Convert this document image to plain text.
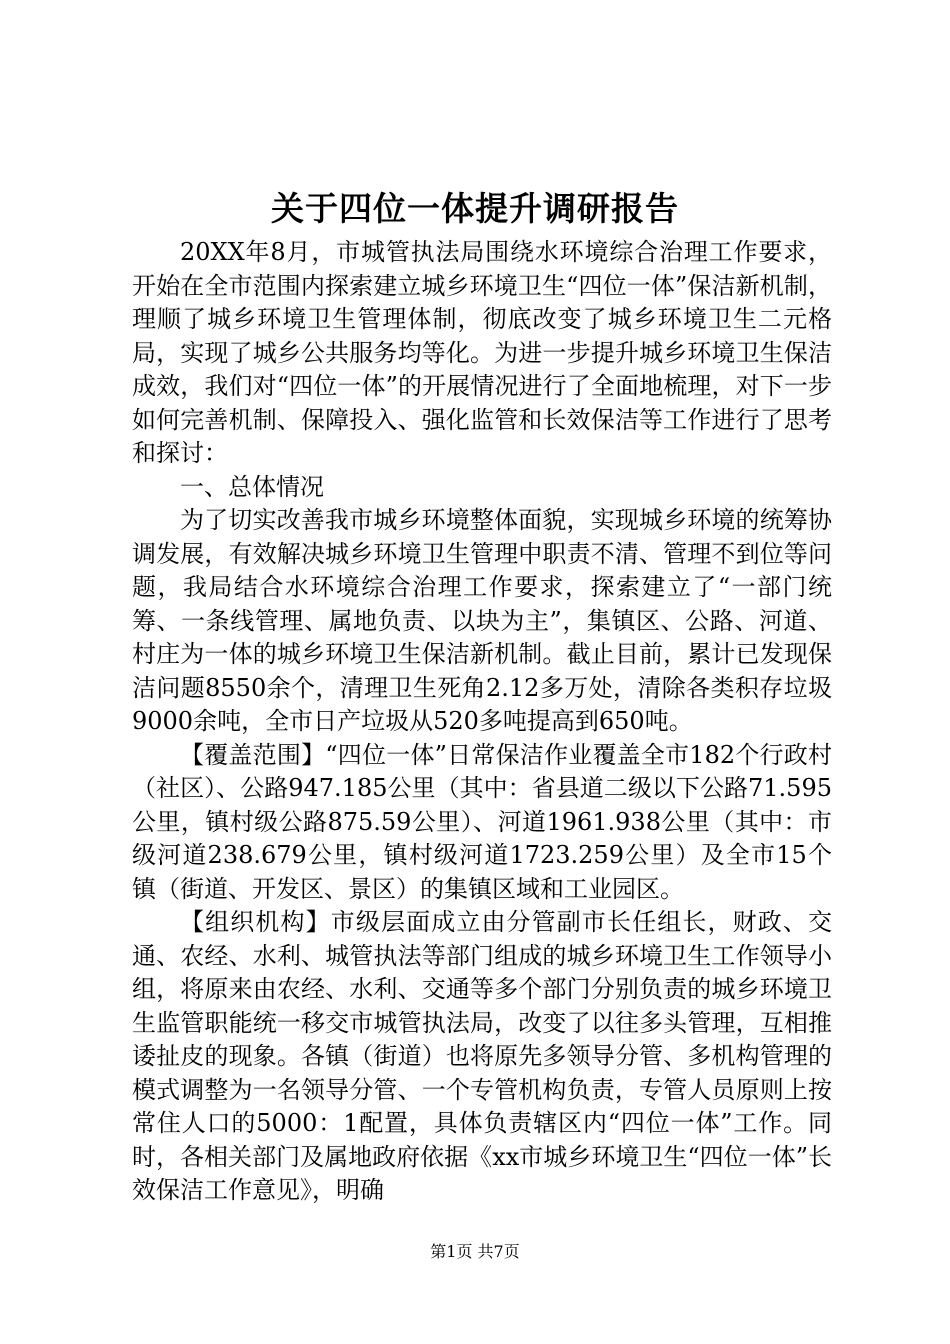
关于四位一体提升调研报告

20XX年8月，市城管执法局围绕水环境综合治理工作要求，开始在全市范围内探索建立城乡环境卫生“四位一体”保洁新机制，理顺了城乡环境卫生管理体制，彻底改变了城乡环境卫生二元格局，实现了城乡公共服务均等化。为进一步提升城乡环境卫生保洁成效，我们对“四位一体”的开展情况进行了全面地梳理，对下一步如何完善机制、保障投入、强化监管和长效保洁等工作进行了思考和探讨：

一、总体情况

为了切实改善我市城乡环境整体面貌，实现城乡环境的统筹协调发展，有效解决城乡环境卫生管理中职责不清、管理不到位等问题，我局结合水环境综合治理工作要求，探索建立了“一部门统筹、一条线管理、属地负责、以块为主”，集镇区、公路、河道、村庄为一体的城乡环境卫生保洁新机制。截止目前，累计已发现保洁问题8550余个，清理卫生死角2.12多万处，清除各类积存垃圾9000余吨，全市日产垃圾从520多吨提高到650吨。

【覆盖范围】“四位一体”日常保洁作业覆盖全市182个行政村（社区）、公路947.185公里（其中：省县道二级以下公路71.595公里，镇村级公路875.59公里）、河道1961.938公里（其中：市级河道238.679公里，镇村级河道1723.259公里）及全市15个镇（街道、开发区、景区）的集镇区域和工业园区。

【组织机构】市级层面成立由分管副市长任组长，财政、交通、农经、水利、城管执法等部门组成的城乡环境卫生工作领导小组，将原来由农经、水利、交通等多个部门分别负责的城乡环境卫生监管职能统一移交市城管执法局，改变了以往多头管理，互相推诿扯皮的现象。各镇（街道）也将原先多领导分管、多机构管理的模式调整为一名领导分管、一个专管机构负责，专管人员原则上按常住人口的5000：1配置，具体负责辖区内“四位一体”工作。同时，各相关部门及属地政府依据《xx市城乡环境卫生“四位一体”长效保洁工作意见》，明确

第1页 共7页
